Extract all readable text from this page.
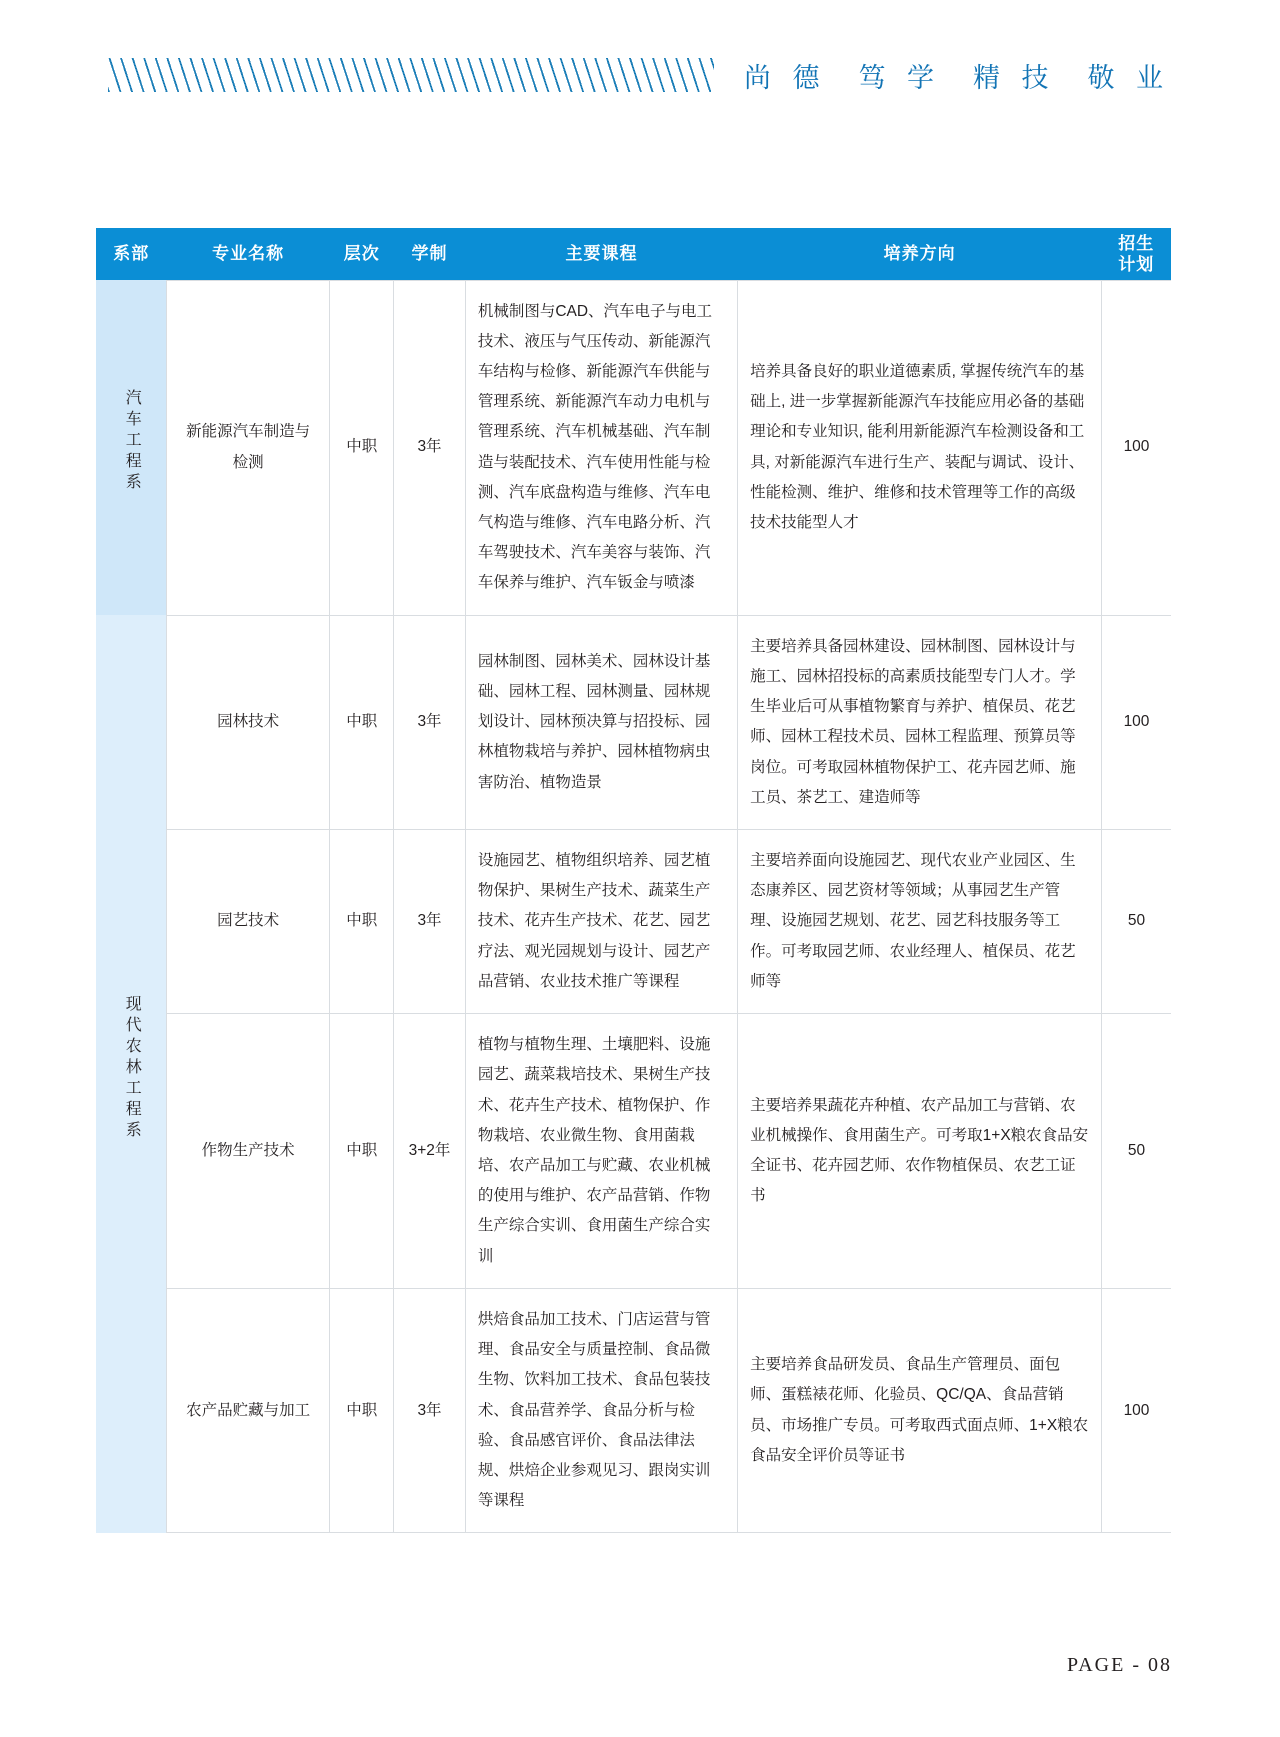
尚 德 笃 学 精 技 敬 业
系部	专业名称	层次	学制	主要课程	培养方向	招生
计划
汽车工程系	新能源汽车制造与检测	中职	3年	机械制图与CAD、汽车电子与电工技术、液压与气压传动、新能源汽车结构与检修、新能源汽车供能与管理系统、新能源汽车动力电机与管理系统、汽车机械基础、汽车制造与装配技术、汽车使用性能与检测、汽车底盘构造与维修、汽车电气构造与维修、汽车电路分析、汽车驾驶技术、汽车美容与装饰、汽车保养与维护、汽车钣金与喷漆	培养具备良好的职业道德素质, 掌握传统汽车的基础上, 进一步掌握新能源汽车技能应用必备的基础理论和专业知识, 能利用新能源汽车检测设备和工具, 对新能源汽车进行生产、装配与调试、设计、性能检测、维护、维修和技术管理等工作的高级技术技能型人才	100
现代农林工程系	园林技术	中职	3年	园林制图、园林美术、园林设计基础、园林工程、园林测量、园林规划设计、园林预决算与招投标、园林植物栽培与养护、园林植物病虫害防治、植物造景	主要培养具备园林建设、园林制图、园林设计与施工、园林招投标的高素质技能型专门人才。学生毕业后可从事植物繁育与养护、植保员、花艺师、园林工程技术员、园林工程监理、预算员等岗位。可考取园林植物保护工、花卉园艺师、施工员、茶艺工、建造师等	100
	园艺技术	中职	3年	设施园艺、植物组织培养、园艺植物保护、果树生产技术、蔬菜生产技术、花卉生产技术、花艺、园艺疗法、观光园规划与设计、园艺产品营销、农业技术推广等课程	主要培养面向设施园艺、现代农业产业园区、生态康养区、园艺资材等领域；从事园艺生产管理、设施园艺规划、花艺、园艺科技服务等工作。可考取园艺师、农业经理人、植保员、花艺师等	50
	作物生产技术	中职	3+2年	植物与植物生理、土壤肥料、设施园艺、蔬菜栽培技术、果树生产技术、花卉生产技术、植物保护、作物栽培、农业微生物、食用菌栽培、农产品加工与贮藏、农业机械的使用与维护、农产品营销、作物生产综合实训、食用菌生产综合实训	主要培养果蔬花卉种植、农产品加工与营销、农业机械操作、食用菌生产。可考取1+X粮农食品安全证书、花卉园艺师、农作物植保员、农艺工证书	50
	农产品贮藏与加工	中职	3年	烘焙食品加工技术、门店运营与管理、食品安全与质量控制、食品微生物、饮料加工技术、食品包装技术、食品营养学、食品分析与检验、食品感官评价、食品法律法规、烘焙企业参观见习、跟岗实训等课程	主要培养食品研发员、食品生产管理员、面包师、蛋糕裱花师、化验员、QC/QA、食品营销员、市场推广专员。可考取西式面点师、1+X粮农食品安全评价员等证书	100
PAGE - 08
